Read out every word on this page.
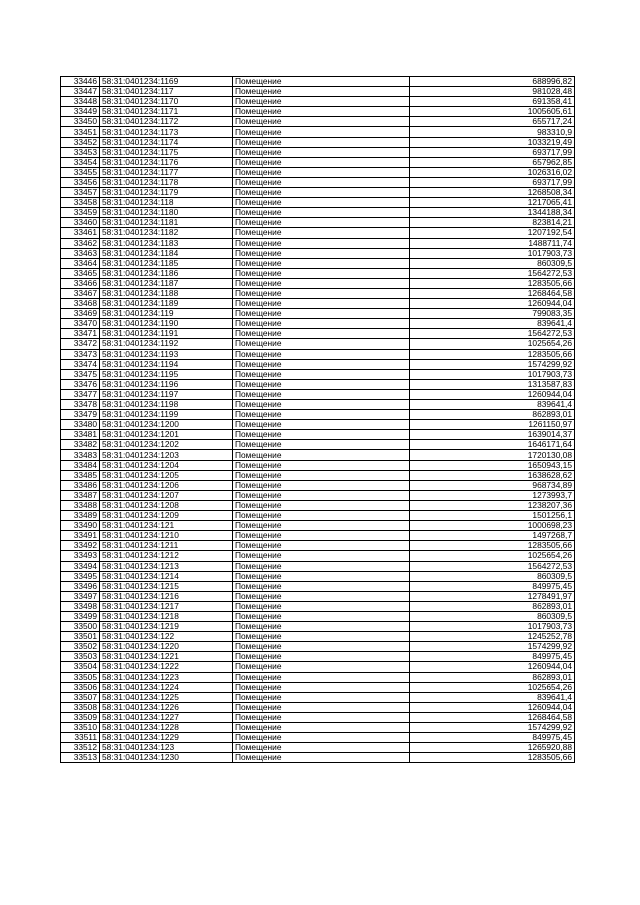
33446	58:31:0401234:1169	Помещение	688996,82
33447	58:31:0401234:117	Помещение	981028,48
33448	58:31:0401234:1170	Помещение	691358,41
33449	58:31:0401234:1171	Помещение	1005605,61
33450	58:31:0401234:1172	Помещение	655717,24
33451	58:31:0401234:1173	Помещение	983310,9
33452	58:31:0401234:1174	Помещение	1033219,49
33453	58:31:0401234:1175	Помещение	693717,99
33454	58:31:0401234:1176	Помещение	657962,85
33455	58:31:0401234:1177	Помещение	1026316,02
33456	58:31:0401234:1178	Помещение	693717,99
33457	58:31:0401234:1179	Помещение	1268508,34
33458	58:31:0401234:118	Помещение	1217065,41
33459	58:31:0401234:1180	Помещение	1344188,34
33460	58:31:0401234:1181	Помещение	823814,21
33461	58:31:0401234:1182	Помещение	1207192,54
33462	58:31:0401234:1183	Помещение	1488711,74
33463	58:31:0401234:1184	Помещение	1017903,73
33464	58:31:0401234:1185	Помещение	860309,5
33465	58:31:0401234:1186	Помещение	1564272,53
33466	58:31:0401234:1187	Помещение	1283505,66
33467	58:31:0401234:1188	Помещение	1268464,58
33468	58:31:0401234:1189	Помещение	1260944,04
33469	58:31:0401234:119	Помещение	799083,35
33470	58:31:0401234:1190	Помещение	839641,4
33471	58:31:0401234:1191	Помещение	1564272,53
33472	58:31:0401234:1192	Помещение	1025654,26
33473	58:31:0401234:1193	Помещение	1283505,66
33474	58:31:0401234:1194	Помещение	1574299,92
33475	58:31:0401234:1195	Помещение	1017903,73
33476	58:31:0401234:1196	Помещение	1313587,83
33477	58:31:0401234:1197	Помещение	1260944,04
33478	58:31:0401234:1198	Помещение	839641,4
33479	58:31:0401234:1199	Помещение	862893,01
33480	58:31:0401234:1200	Помещение	1261150,97
33481	58:31:0401234:1201	Помещение	1639014,37
33482	58:31:0401234:1202	Помещение	1646171,64
33483	58:31:0401234:1203	Помещение	1720130,08
33484	58:31:0401234:1204	Помещение	1650943,15
33485	58:31:0401234:1205	Помещение	1638628,62
33486	58:31:0401234:1206	Помещение	968734,89
33487	58:31:0401234:1207	Помещение	1273993,7
33488	58:31:0401234:1208	Помещение	1238207,36
33489	58:31:0401234:1209	Помещение	1501256,1
33490	58:31:0401234:121	Помещение	1000698,23
33491	58:31:0401234:1210	Помещение	1497268,7
33492	58:31:0401234:1211	Помещение	1283505,66
33493	58:31:0401234:1212	Помещение	1025654,26
33494	58:31:0401234:1213	Помещение	1564272,53
33495	58:31:0401234:1214	Помещение	860309,5
33496	58:31:0401234:1215	Помещение	849975,45
33497	58:31:0401234:1216	Помещение	1278491,97
33498	58:31:0401234:1217	Помещение	862893,01
33499	58:31:0401234:1218	Помещение	860309,5
33500	58:31:0401234:1219	Помещение	1017903,73
33501	58:31:0401234:122	Помещение	1245252,78
33502	58:31:0401234:1220	Помещение	1574299,92
33503	58:31:0401234:1221	Помещение	849975,45
33504	58:31:0401234:1222	Помещение	1260944,04
33505	58:31:0401234:1223	Помещение	862893,01
33506	58:31:0401234:1224	Помещение	1025654,26
33507	58:31:0401234:1225	Помещение	839641,4
33508	58:31:0401234:1226	Помещение	1260944,04
33509	58:31:0401234:1227	Помещение	1268464,58
33510	58:31:0401234:1228	Помещение	1574299,92
33511	58:31:0401234:1229	Помещение	849975,45
33512	58:31:0401234:123	Помещение	1265920,88
33513	58:31:0401234:1230	Помещение	1283505,66
